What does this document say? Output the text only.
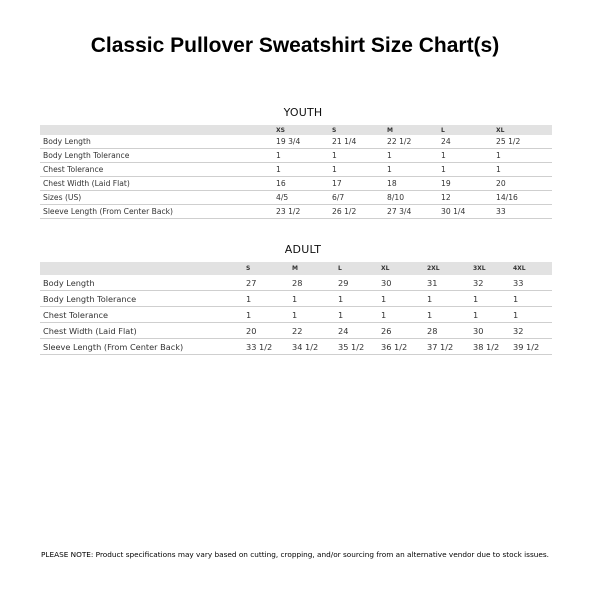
Classic Pullover Sweatshirt Size Chart(s)
YOUTH
	XS	S	M	L	XL
Body Length	19 3/4	21 1/4	22 1/2	24	25 1/2
Body Length Tolerance	1	1	1	1	1
Chest Tolerance	1	1	1	1	1
Chest Width (Laid Flat)	16	17	18	19	20
Sizes (US)	4/5	6/7	8/10	12	14/16
Sleeve Length (From Center Back)	23 1/2	26 1/2	27 3/4	30 1/4	33
ADULT
	S	M	L	XL	2XL	3XL	4XL
Body Length	27	28	29	30	31	32	33
Body Length Tolerance	1	1	1	1	1	1	1
Chest Tolerance	1	1	1	1	1	1	1
Chest Width (Laid Flat)	20	22	24	26	28	30	32
Sleeve Length (From Center Back)	33 1/2	34 1/2	35 1/2	36 1/2	37 1/2	38 1/2	39 1/2
PLEASE NOTE: Product specifications may vary based on cutting, cropping, and/or sourcing from an alternative vendor due to stock issues.
